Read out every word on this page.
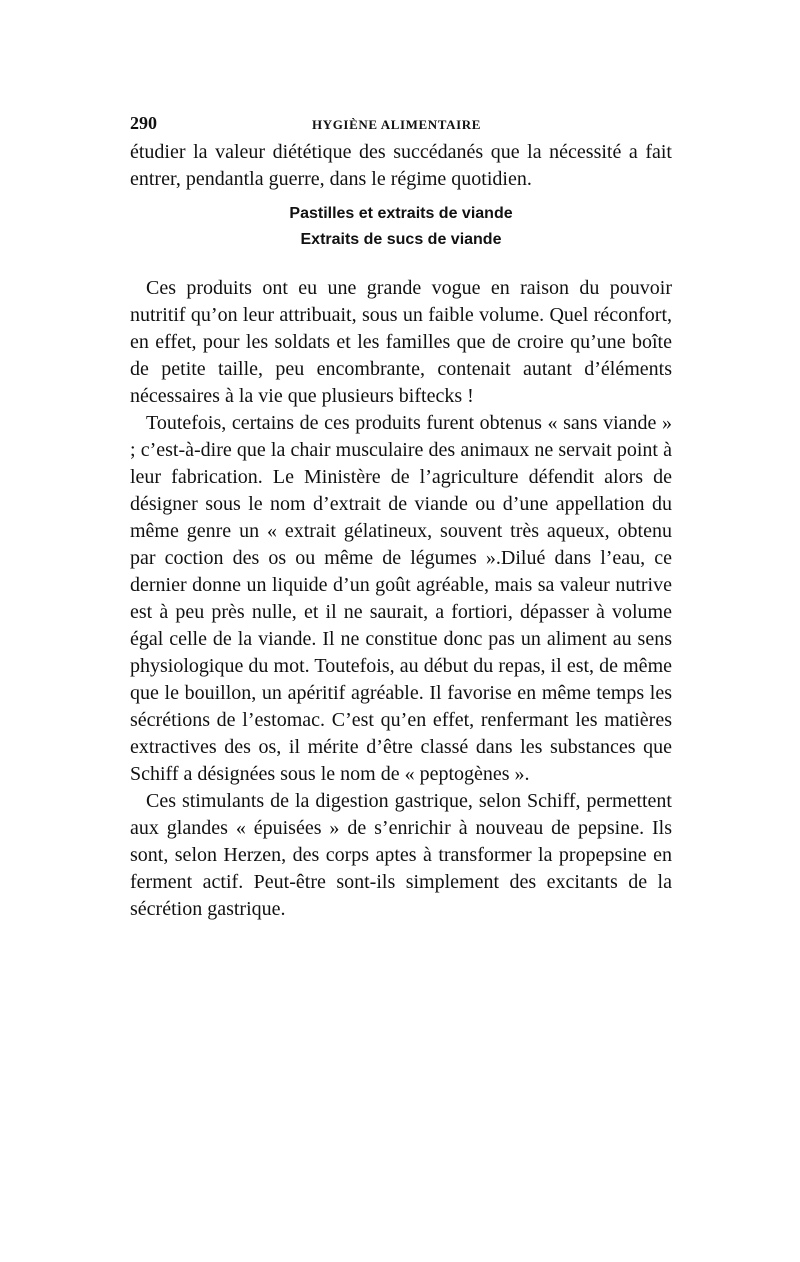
290	HYGIÈNE ALIMENTAIRE

étudier la valeur diététique des succédanés que la nécessité a fait entrer, pendantla guerre, dans le régime quotidien.

Pastilles et extraits de viande
Extraits de sucs de viande

Ces produits ont eu une grande vogue en raison du pouvoir nutritif qu’on leur attribuait, sous un faible volume. Quel réconfort, en effet, pour les soldats et les familles que de croire qu’une boîte de petite taille, peu encombrante, contenait autant d’éléments nécessaires à la vie que plusieurs biftecks !

Toutefois, certains de ces produits furent obtenus « sans viande » ; c’est-à-dire que la chair musculaire des animaux ne servait point à leur fabrication. Le Ministère de l’agriculture défendit alors de désigner sous le nom d’extrait de viande ou d’une appellation du même genre un « extrait gélatineux, souvent très aqueux, obtenu par coction des os ou même de légumes ».Dilué dans l’eau, ce dernier donne un liquide d’un goût agréable, mais sa valeur nutrive est à peu près nulle, et il ne saurait, a fortiori, dépasser à volume égal celle de la viande. Il ne constitue donc pas un aliment au sens physiologique du mot. Toutefois, au début du repas, il est, de même que le bouillon, un apéritif agréable. Il favorise en même temps les sécrétions de l’estomac. C’est qu’en effet, renfermant les matières extractives des os, il mérite d’être classé dans les substances que Schiff a désignées sous le nom de « peptogènes ».

Ces stimulants de la digestion gastrique, selon Schiff, permettent aux glandes « épuisées » de s’enrichir à nouveau de pepsine. Ils sont, selon Herzen, des corps aptes à transformer la propepsine en ferment actif. Peut-être sont-ils simplement des excitants de la sécrétion gastrique.
